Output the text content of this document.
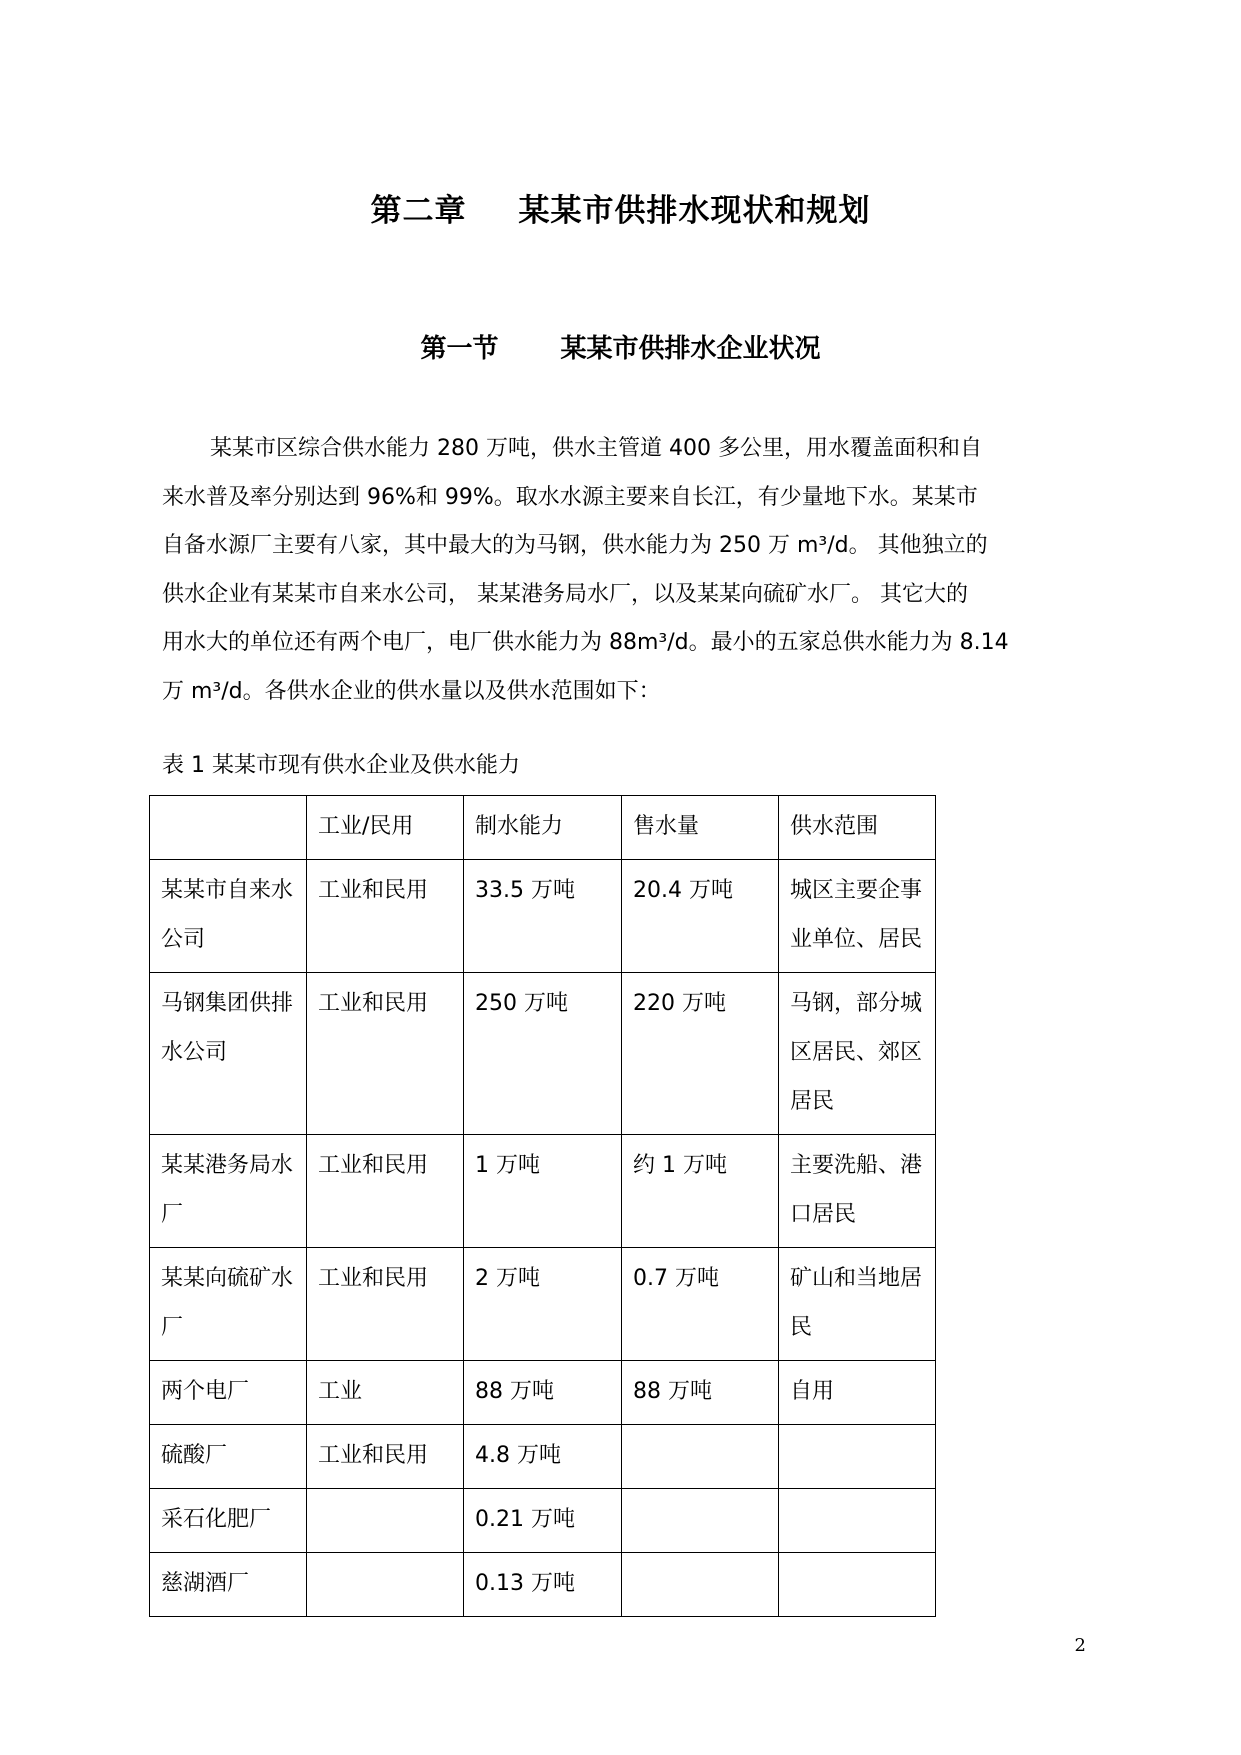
第二章 某某市供排水现状和规划
第一节 某某市供排水企业状况
某某市区综合供水能力 280 万吨，供水主管道 400 多公里，用水覆盖面积和自
来水普及率分别达到 96%和 99%。取水水源主要来自长江，有少量地下水。某某市
自备水源厂主要有八家，其中最大的为马钢，供水能力为 250 万 m³/d。 其他独立的
供水企业有某某市自来水公司， 某某港务局水厂，以及某某向硫矿水厂。 其它大的
用水大的单位还有两个电厂，电厂供水能力为 88m³/d。最小的五家总供水能力为 8.14
万 m³/d。各供水企业的供水量以及供水范围如下：
表 1 某某市现有供水企业及供水能力
	工业/民用	制水能力	售水量	供水范围
某某市自来水公司	工业和民用	33.5 万吨	20.4 万吨	城区主要企事业单位、居民
马钢集团供排水公司	工业和民用	250 万吨	220 万吨	马钢，部分城区居民、郊区居民
某某港务局水厂	工业和民用	1 万吨	约 1 万吨	主要洗船、港口居民
某某向硫矿水厂	工业和民用	2 万吨	0.7 万吨	矿山和当地居民
两个电厂	工业	88 万吨	88 万吨	自用
硫酸厂	工业和民用	4.8 万吨		
采石化肥厂		0.21 万吨		
慈湖酒厂		0.13 万吨		
2
